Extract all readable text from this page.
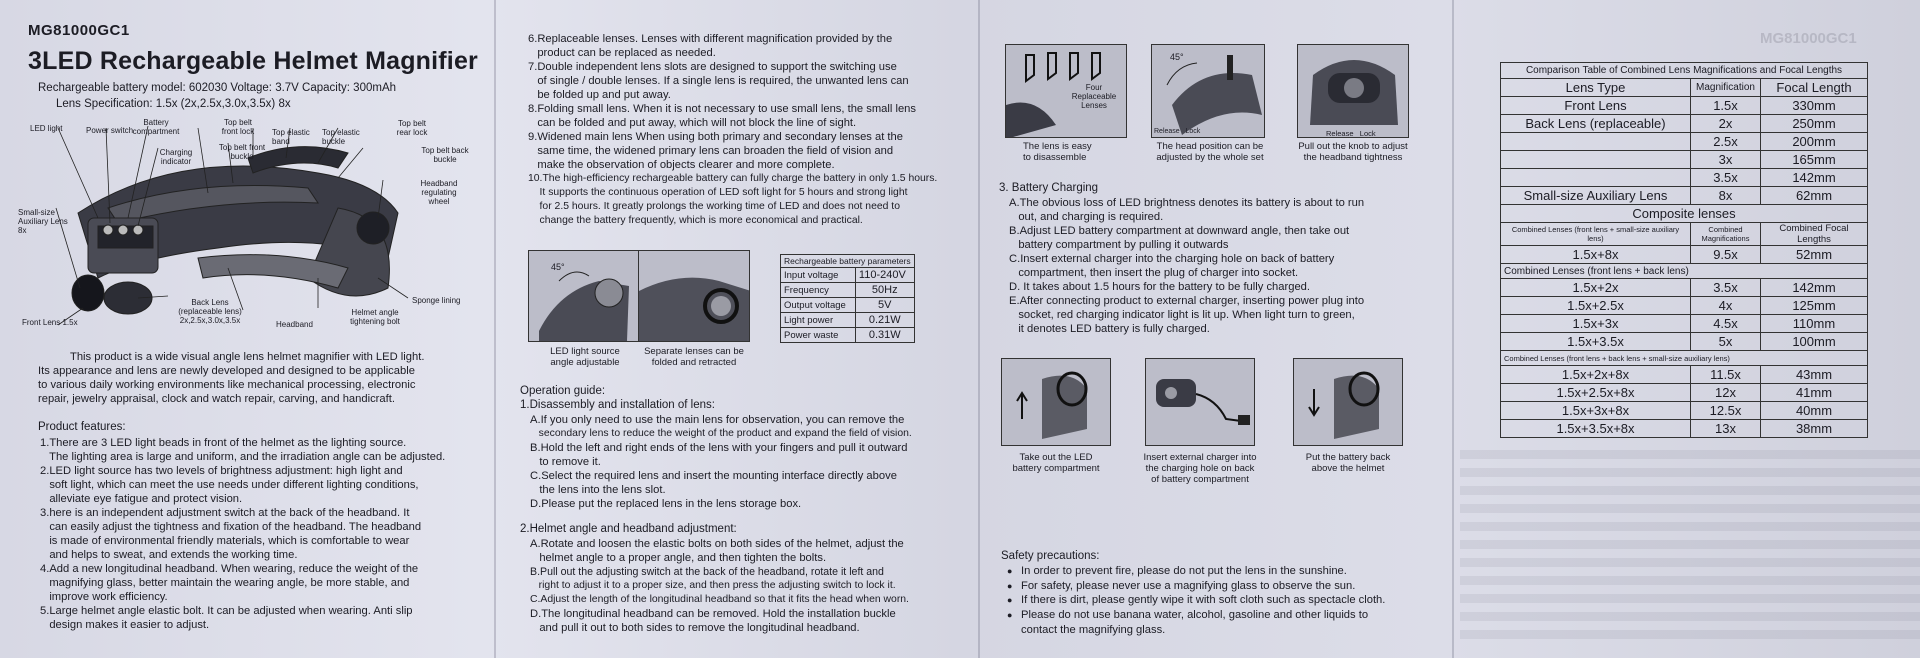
MG81000GC1
3LED Rechargeable Helmet Magnifier
Rechargeable battery model: 602030 Voltage: 3.7V Capacity: 300mAh
Lens Specification: 1.5x (2x,2.5x,3.0x,3.5x) 8x
LED light	Power switch
Battery compartment
Charging indicator
Top belt front lock
Top belt front buckle
Top elastic band
Top elastic buckle
Top belt rear lock
Top belt back buckle
Headband regulating wheel
Small-size Auxiliary Lens 8x
Back Lens (replaceable lens) 2x,2.5x,3.0x,3.5x
Front Lens 1.5x	Headband
Helmet angle tightening bolt
Sponge lining
This product is a wide visual angle lens helmet magnifier with LED light.
Its appearance and lens are newly developed and designed to be applicable
to various daily working environments like mechanical processing, electronic
repair, jewelry appraisal, clock and watch repair, carving, and handicraft.
Product features:
1.There are 3 LED light beads in front of the helmet as the lighting source.
The lighting area is large and uniform, and the irradiation angle can be adjusted.
2.LED light source has two levels of brightness adjustment: high light and
soft light, which can meet the use needs under different lighting conditions,
alleviate eye fatigue and protect vision.
3.here is an independent adjustment switch at the back of the headband. It
can easily adjust the tightness and fixation of the headband. The headband
is made of environmental friendly materials, which is comfortable to wear
and helps to sweat, and extends the working time.
4.Add a new longitudinal headband. When wearing, reduce the weight of the
magnifying glass, better maintain the wearing angle, be more stable, and
improve work efficiency.
5.Large helmet angle elastic bolt. It can be adjusted when wearing. Anti slip
design makes it easier to adjust.
6.Replaceable lenses. Lenses with different magnification provided by the
product can be replaced as needed.
7.Double independent lens slots are designed to support the switching use
of single / double lenses. If a single lens is required, the unwanted lens can
be folded up and put away.
8.Folding small lens. When it is not necessary to use small lens, the small lens
can be folded and put away, which will not block the line of sight.
9.Widened main lens When using both primary and secondary lenses at the
same time, the widened primary lens can broaden the field of vision and
make the observation of objects clearer and more complete.
10.The high-efficiency rechargeable battery can fully charge the battery in only 1.5 hours.
It supports the continuous operation of LED soft light for 5 hours and strong light
for 2.5 hours. It greatly prolongs the working time of LED and does not need to
change the battery frequently, which is more economical and practical.
45°
LED light source
angle adjustable
Separate lenses can be
folded and retracted
Rechargeable battery parameters	
Input voltage	110-240V
Frequency	50Hz
Output voltage	5V
Light power	0.21W
Power waste	0.31W
Operation guide:
1.Disassembly and installation of lens:
A.If you only need to use the main lens for observation, you can remove the
secondary lens to reduce the weight of the product and expand the field of vision.
B.Hold the left and right ends of the lens with your fingers and pull it outward
to remove it.
C.Select the required lens and insert the mounting interface directly above
the lens into the lens slot.
D.Please put the replaced lens in the lens storage box.
2.Helmet angle and headband adjustment:
A.Rotate and loosen the elastic bolts on both sides of the helmet, adjust the
helmet angle to a proper angle, and then tighten the bolts.
B.Pull out the adjusting switch at the back of the headband, rotate it left and
right to adjust it to a proper size, and then press the adjusting switch to lock it.
C.Adjust the length of the longitudinal headband so that it fits the head when worn.
D.The longitudinal headband can be removed. Hold the installation buckle
and pull it out to both sides to remove the longitudinal headband.
Four Replaceable Lenses
The lens is easy
to disassemble
45°
Release   Lock
The head position can be
adjusted by the whole set
Release   Lock
Pull out the knob to adjust
the headband tightness
3. Battery Charging
A.The obvious loss of LED brightness denotes its battery is about to run
out, and charging is required.
B.Adjust LED battery compartment at downward angle, then take out
battery compartment by pulling it outwards
C.Insert external charger into the charging hole on back of battery
compartment, then insert the plug of charger into socket.
D. It takes about 1.5 hours for the battery to be fully charged.
E.After connecting product to external charger, inserting power plug into
socket, red charging indicator light is lit up. When light turn to green,
it denotes LED battery is fully charged.
Take out the LED
battery compartment
Insert external charger into
the charging hole on back
of battery compartment
Put the battery back
above the helmet
Safety precautions:
● In order to prevent fire, please do not put the lens in the sunshine.
● For safety, please never use a magnifying glass to observe the sun.
● If there is dirt, please gently wipe it with soft cloth such as spectacle cloth.
● Please do not use banana water, alcohol, gasoline and other liquids to
contact the magnifying glass.
MG81000GC1
Comparison Table of Combined Lens Magnifications and Focal Lengths		
Lens Type	Magnification	Focal Length
Front Lens	1.5x	330mm
Back Lens (replaceable)	2x	250mm
	2.5x	200mm
	3x	165mm
	3.5x	142mm
Small-size Auxiliary Lens	8x	62mm
Composite lenses		
Combined Lenses (front lens + small-size auxiliary lens)	Combined Magnifications	Combined Focal Lengths
1.5x+8x	9.5x	52mm
Combined Lenses (front lens + back lens)		
1.5x+2x	3.5x	142mm
1.5x+2.5x	4x	125mm
1.5x+3x	4.5x	110mm
1.5x+3.5x	5x	100mm
Combined Lenses (front lens + back lens + small-size auxiliary lens)		
1.5x+2x+8x	11.5x	43mm
1.5x+2.5x+8x	12x	41mm
1.5x+3x+8x	12.5x	40mm
1.5x+3.5x+8x	13x	38mm
